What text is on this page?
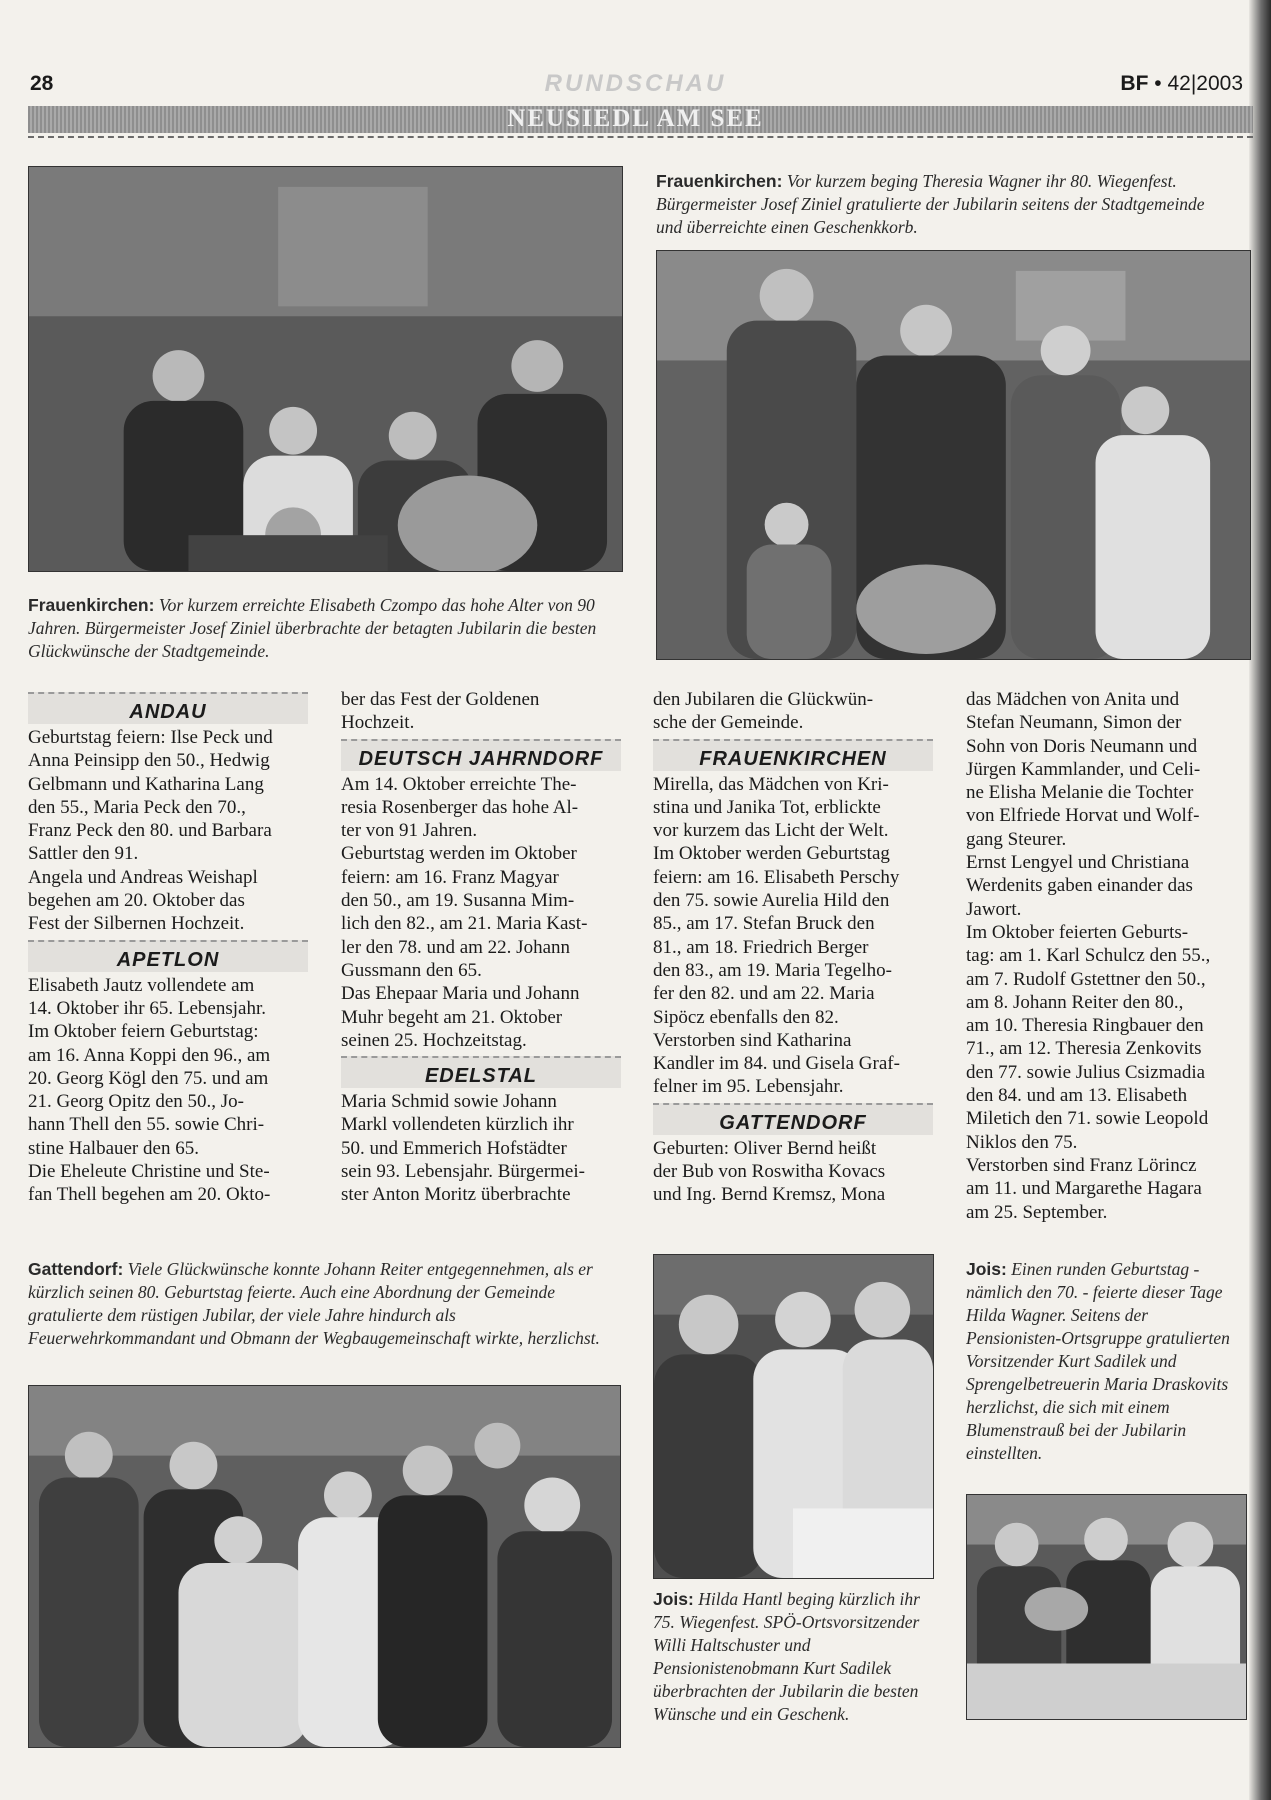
28	RUNDSCHAU	BF • 42|2003
NEUSIEDL AM SEE
Frauenkirchen: Vor kurzem erreichte Elisabeth Czompo das hohe Alter von 90 Jahren. Bürgermeister Josef Ziniel überbrachte der betagten Jubilarin die besten Glückwünsche der Stadtgemeinde.
Frauenkirchen: Vor kurzem beging Theresia Wagner ihr 80. Wiegenfest. Bürgermeister Josef Ziniel gratulierte der Jubilarin seitens der Stadtgemeinde und überreichte einen Geschenkkorb.
ANDAU

Geburtstag feiern: Ilse Peck und

Anna Peinsipp den 50., Hedwig

Gelbmann und Katharina Lang

den 55., Maria Peck den 70.,

Franz Peck den 80. und Barbara

Sattler den 91.

Angela und Andreas Weishapl

begehen am 20. Oktober das

Fest der Silbernen Hochzeit.

APETLON

Elisabeth Jautz vollendete am

14. Oktober ihr 65. Lebensjahr.

Im Oktober feiern Geburtstag:

am 16. Anna Koppi den 96., am

20. Georg Kögl den 75. und am

21. Georg Opitz den 50., Jo-

hann Thell den 55. sowie Chri-

stine Halbauer den 65.

Die Eheleute Christine und Ste-

fan Thell begehen am 20. Okto-

ber das Fest der Goldenen

Hochzeit.

DEUTSCH JAHRNDORF

Am 14. Oktober erreichte The-

resia Rosenberger das hohe Al-

ter von 91 Jahren.

Geburtstag werden im Oktober

feiern: am 16. Franz Magyar

den 50., am 19. Susanna Mim-

lich den 82., am 21. Maria Kast-

ler den 78. und am 22. Johann

Gussmann den 65.

Das Ehepaar Maria und Johann

Muhr begeht am 21. Oktober

seinen 25. Hochzeitstag.

EDELSTAL

Maria Schmid sowie Johann

Markl vollendeten kürzlich ihr

50. und Emmerich Hofstädter

sein 93. Lebensjahr. Bürgermei-

ster Anton Moritz überbrachte

den Jubilaren die Glückwün-

sche der Gemeinde.

FRAUENKIRCHEN

Mirella, das Mädchen von Kri-

stina und Janika Tot, erblickte

vor kurzem das Licht der Welt.

Im Oktober werden Geburtstag

feiern: am 16. Elisabeth Perschy

den 75. sowie Aurelia Hild den

85., am 17. Stefan Bruck den

81., am 18. Friedrich Berger

den 83., am 19. Maria Tegelho-

fer den 82. und am 22. Maria

Sipöcz ebenfalls den 82.

Verstorben sind Katharina

Kandler im 84. und Gisela Graf-

felner im 95. Lebensjahr.

GATTENDORF

Geburten: Oliver Bernd heißt

der Bub von Roswitha Kovacs

und Ing. Bernd Kremsz, Mona

das Mädchen von Anita und

Stefan Neumann, Simon der

Sohn von Doris Neumann und

Jürgen Kammlander, und Celi-

ne Elisha Melanie die Tochter

von Elfriede Horvat und Wolf-

gang Steurer.

Ernst Lengyel und Christiana

Werdenits gaben einander das

Jawort.

Im Oktober feierten Geburts-

tag: am 1. Karl Schulcz den 55.,

am 7. Rudolf Gstettner den 50.,

am 8. Johann Reiter den 80.,

am 10. Theresia Ringbauer den

71., am 12. Theresia Zenkovits

den 77. sowie Julius Csizmadia

den 84. und am 13. Elisabeth

Miletich den 71. sowie Leopold

Niklos den 75.

Verstorben sind Franz Lörincz

am 11. und Margarethe Hagara

am 25. September.

Gattendorf: Viele Glückwünsche konnte Johann Reiter entgegennehmen, als er kürzlich seinen 80. Geburtstag feierte. Auch eine Abordnung der Gemeinde gratulierte dem rüstigen Jubilar, der viele Jahre hindurch als Feuerwehrkommandant und Obmann der Wegbaugemeinschaft wirkte, herzlichst.
Jois: Hilda Hantl beging kürzlich ihr 75. Wiegenfest. SPÖ-Ortsvorsitzender Willi Haltschuster und Pensionistenobmann Kurt Sadilek überbrachten der Jubilarin die besten Wünsche und ein Geschenk.
Jois: Einen runden Geburtstag - nämlich den 70. - feierte dieser Tage Hilda Wagner. Seitens der Pensionisten-Ortsgruppe gratulierten Vorsitzender Kurt Sadilek und Sprengelbetreuerin Maria Draskovits herzlichst, die sich mit einem Blumenstrauß bei der Jubilarin einstellten.
